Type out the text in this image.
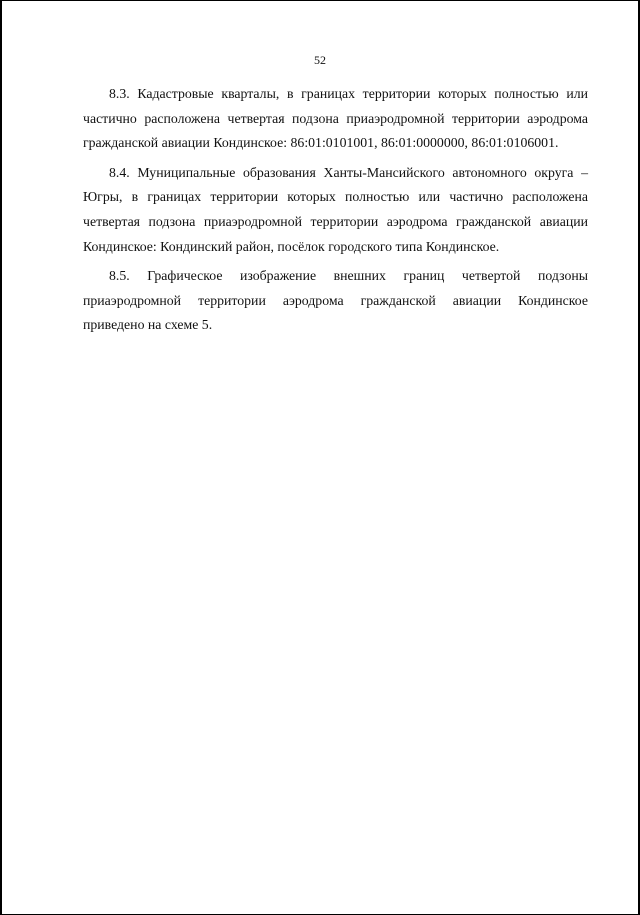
52

8.3. Кадастровые кварталы, в границах территории которых полностью или
частично расположена четвертая подзона приаэродромной территории аэродрома
гражданской авиации Кондинское: 86:01:0101001, 86:01:0000000, 86:01:0106001.

8.4. Муниципальные образования Ханты-Мансийского автономного округа –
Югры, в границах территории которых полностью или частично расположена
четвертая подзона приаэродромной территории аэродрома гражданской авиации
Кондинское: Кондинский район, посёлок городского типа Кондинское.

8.5. Графическое изображение внешних границ четвертой подзоны
приаэродромной территории аэродрома гражданской авиации Кондинское
приведено на схеме 5.
